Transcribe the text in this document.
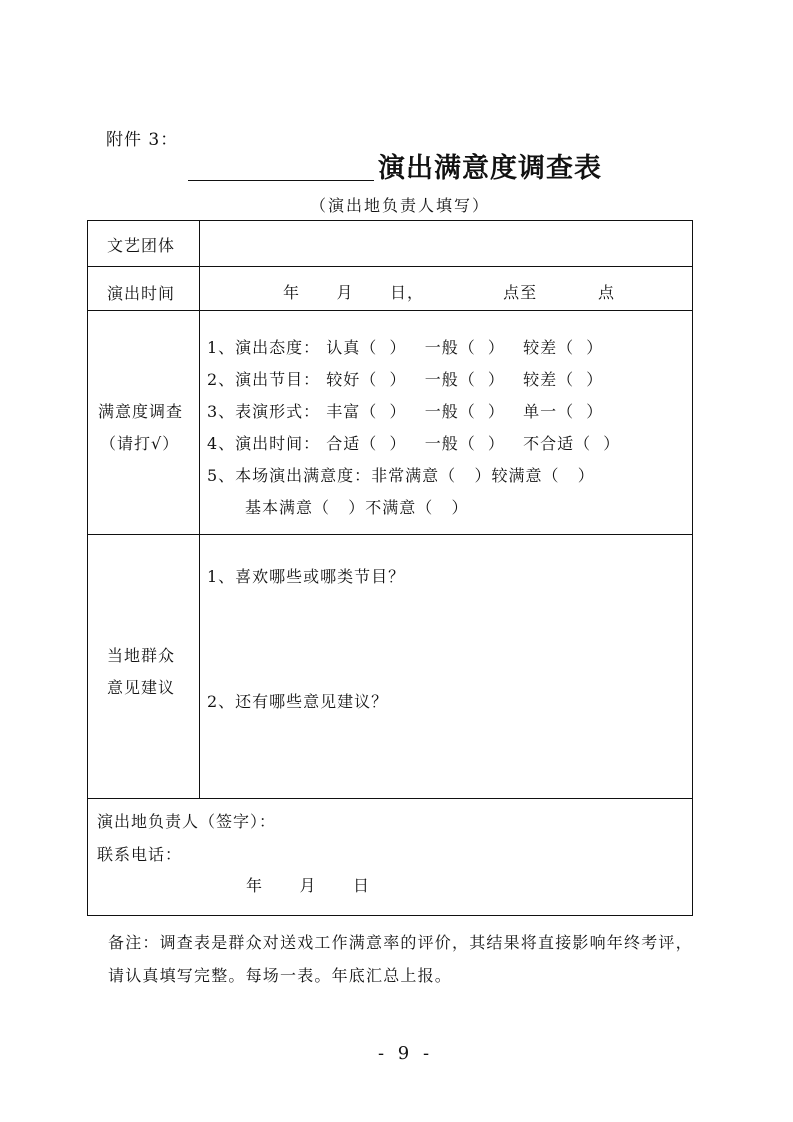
附件 3：
演出满意度调查表
（演出地负责人填写）
文艺团体
演出时间	年      月      日，             点至          点
满意度调查
（请打√）
1、演出态度： 认真（  ）   一般（  ）   较差（  ）
2、演出节目： 较好（  ）   一般（  ）   较差（  ）
3、表演形式： 丰富（  ）   一般（  ）   单一（  ）
4、演出时间： 合适（  ）   一般（  ）   不合适（  ）
5、本场演出满意度：非常满意（   ）较满意（   ）
基本满意（   ）不满意（   ）
当地群众
意见建议
1、喜欢哪些或哪类节目？
2、还有哪些意见建议？
演出地负责人（签字）：
联系电话：
年      月      日
备注：调查表是群众对送戏工作满意率的评价，其结果将直接影响年终考评，请认真填写完整。每场一表。年底汇总上报。
- 9 -
